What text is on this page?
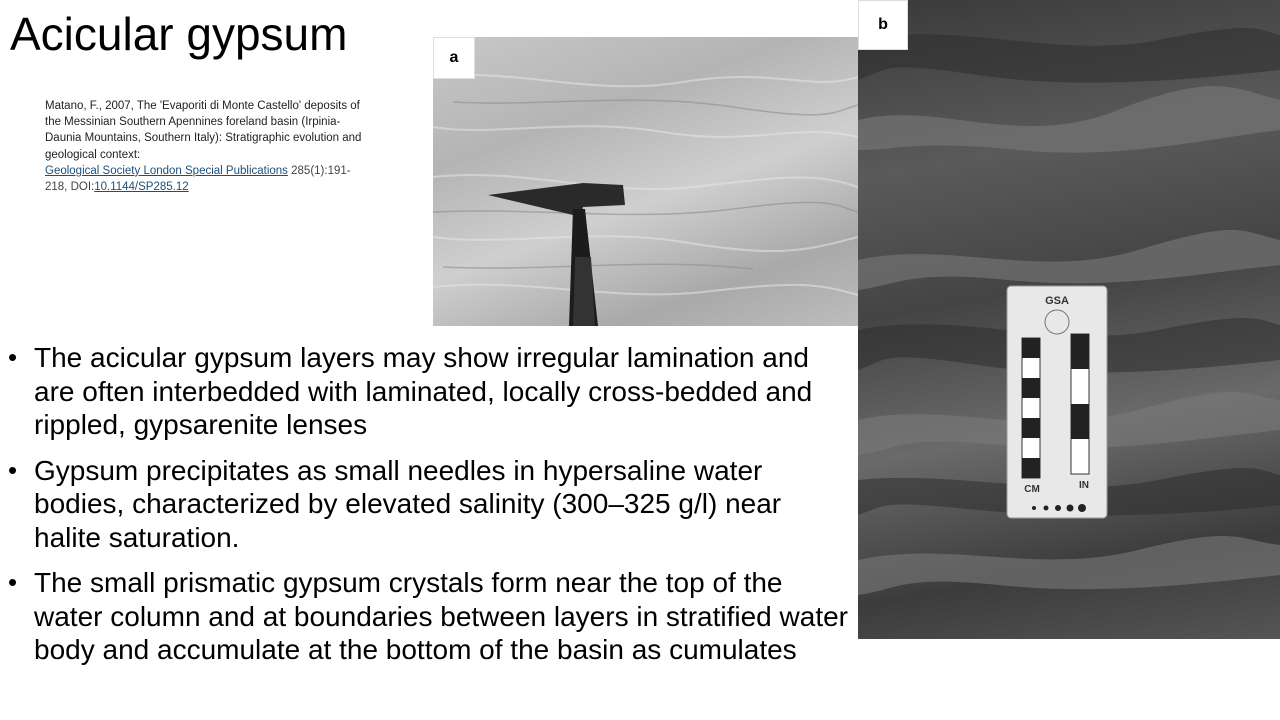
Acicular gypsum
Matano, F., 2007, The 'Evaporiti di Monte Castello' deposits of the Messinian Southern Apennines foreland basin (Irpinia-Daunia Mountains, Southern Italy): Stratigraphic evolution and geological context:
Geological Society London Special Publications 285(1):191-218, DOI:10.1144/SP285.12
a
GSA
CM	IN
b
• The acicular gypsum layers may show irregular lamination and are often interbedded with laminated, locally cross-bedded and rippled, gypsarenite lenses
• Gypsum precipitates as small needles in hypersaline water bodies, characterized by elevated salinity (300–325 g/l) near halite saturation.
• The small prismatic gypsum crystals form near the top of the water column and at boundaries between layers in stratified water body and accumulate at the bottom of the basin as cumulates
